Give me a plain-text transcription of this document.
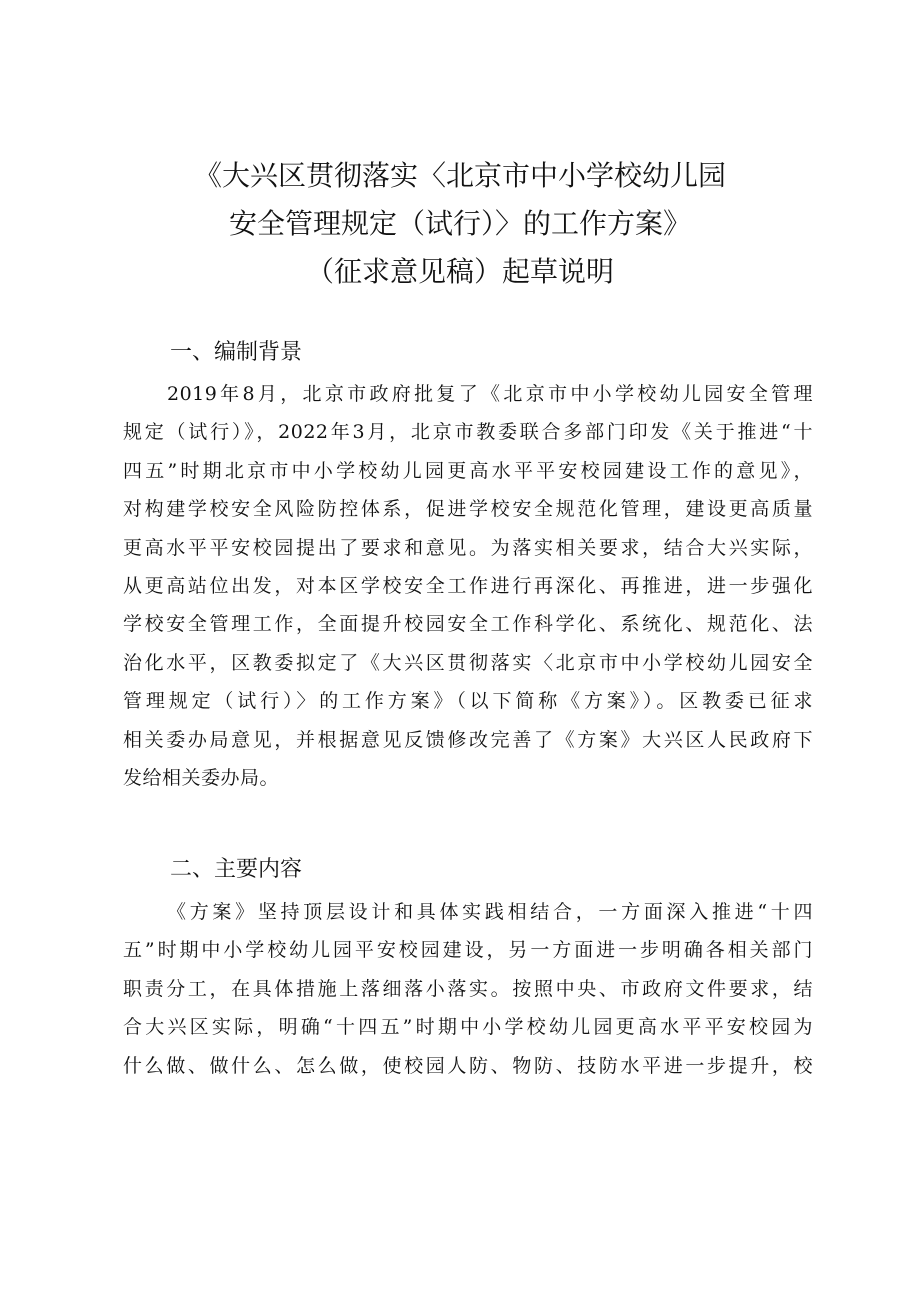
《大兴区贯彻落实〈北京市中小学校幼儿园
安全管理规定（试行）〉的工作方案》
（征求意见稿）起草说明
一、编制背景
2019年8月，北京市政府批复了《北京市中小学校幼儿园安全管理
规定（试行）》，2022年3月，北京市教委联合多部门印发《关于推进“十
四五”时期北京市中小学校幼儿园更高水平平安校园建设工作的意见》，
对构建学校安全风险防控体系，促进学校安全规范化管理，建设更高质量
更高水平平安校园提出了要求和意见。为落实相关要求，结合大兴实际，
从更高站位出发，对本区学校安全工作进行再深化、再推进，进一步强化
学校安全管理工作，全面提升校园安全工作科学化、系统化、规范化、法
治化水平，区教委拟定了《大兴区贯彻落实〈北京市中小学校幼儿园安全
管理规定（试行）〉的工作方案》（以下简称《方案》）。区教委已征求
相关委办局意见，并根据意见反馈修改完善了《方案》大兴区人民政府下
发给相关委办局。
二、主要内容
《方案》坚持顶层设计和具体实践相结合，一方面深入推进“十四
五”时期中小学校幼儿园平安校园建设，另一方面进一步明确各相关部门
职责分工，在具体措施上落细落小落实。按照中央、市政府文件要求，结
合大兴区实际，明确“十四五”时期中小学校幼儿园更高水平平安校园为
什么做、做什么、怎么做，使校园人防、物防、技防水平进一步提升，校
